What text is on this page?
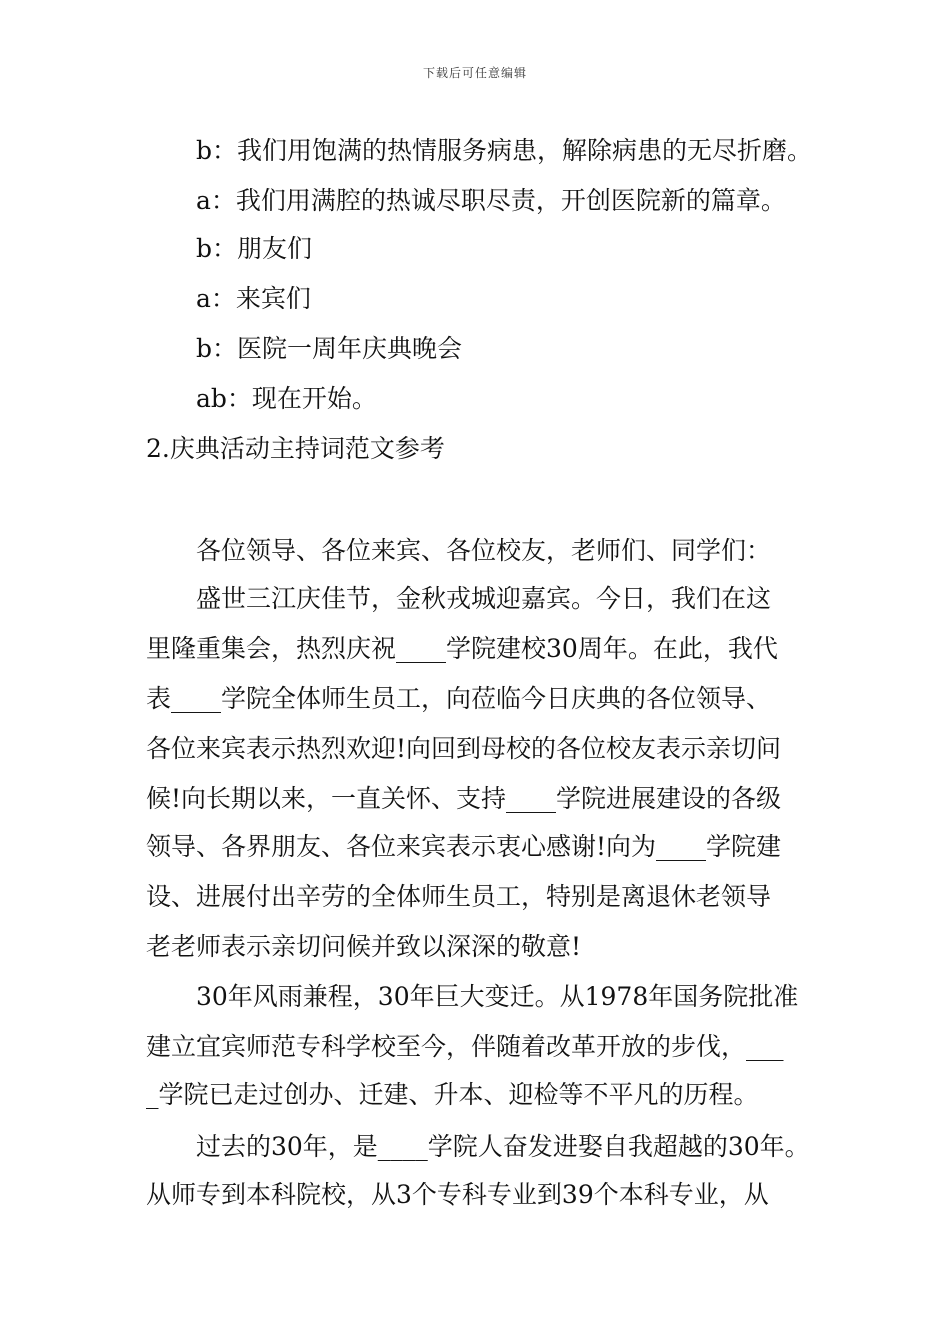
下载后可任意编辑
b：我们用饱满的热情服务病患，解除病患的无尽折磨。
a：我们用满腔的热诚尽职尽责，开创医院新的篇章。
b：朋友们
a：来宾们
b：医院一周年庆典晚会
ab：现在开始。
2.庆典活动主持词范文参考
各位领导、各位来宾、各位校友，老师们、同学们：
盛世三江庆佳节，金秋戎城迎嘉宾。今日，我们在这
里隆重集会，热烈庆祝____学院建校30周年。在此，我代
表____学院全体师生员工，向莅临今日庆典的各位领导、
各位来宾表示热烈欢迎!向回到母校的各位校友表示亲切问
候!向长期以来，一直关怀、支持____学院进展建设的各级
领导、各界朋友、各位来宾表示衷心感谢!向为____学院建
设、进展付出辛劳的全体师生员工，特别是离退休老领导
老老师表示亲切问候并致以深深的敬意!
30年风雨兼程，30年巨大变迁。从1978年国务院批准
建立宜宾师范专科学校至今，伴随着改革开放的步伐，___
_学院已走过创办、迁建、升本、迎检等不平凡的历程。
过去的30年，是____学院人奋发进娶自我超越的30年。
从师专到本科院校，从3个专科专业到39个本科专业，从
